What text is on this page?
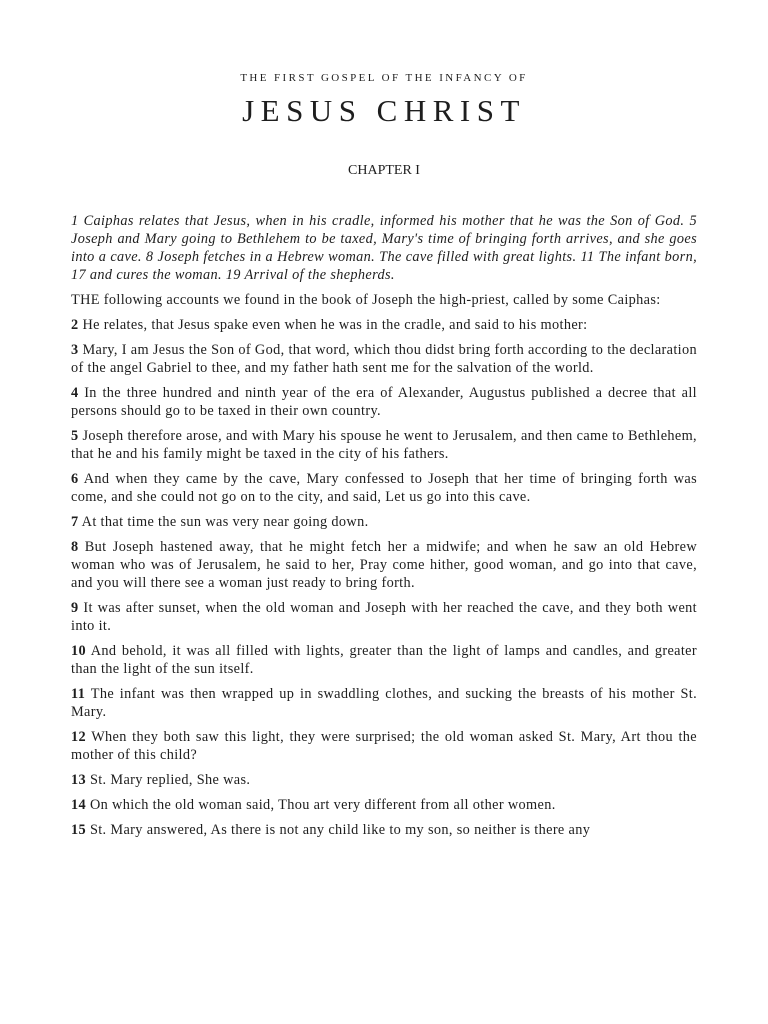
THE FIRST GOSPEL OF THE INFANCY OF
JESUS CHRIST
CHAPTER I

1 Caiphas relates that Jesus, when in his cradle, informed his mother that he was the Son of God. 5 Joseph and Mary going to Bethlehem to be taxed, Mary's time of bringing forth arrives, and she goes into a cave. 8 Joseph fetches in a Hebrew woman. The cave filled with great lights. 11 The infant born, 17 and cures the woman. 19 Arrival of the shepherds.

THE following accounts we found in the book of Joseph the high-priest, called by some Caiphas:

2 He relates, that Jesus spake even when he was in the cradle, and said to his mother:

3 Mary, I am Jesus the Son of God, that word, which thou didst bring forth according to the declaration of the angel Gabriel to thee, and my father hath sent me for the salvation of the world.

4 In the three hundred and ninth year of the era of Alexander, Augustus published a decree that all persons should go to be taxed in their own country.

5 Joseph therefore arose, and with Mary his spouse he went to Jerusalem, and then came to Bethlehem, that he and his family might be taxed in the city of his fathers.

6 And when they came by the cave, Mary confessed to Joseph that her time of bringing forth was come, and she could not go on to the city, and said, Let us go into this cave.

7 At that time the sun was very near going down.

8 But Joseph hastened away, that he might fetch her a midwife; and when he saw an old Hebrew woman who was of Jerusalem, he said to her, Pray come hither, good woman, and go into that cave, and you will there see a woman just ready to bring forth.

9 It was after sunset, when the old woman and Joseph with her reached the cave, and they both went into it.

10 And behold, it was all filled with lights, greater than the light of lamps and candles, and greater than the light of the sun itself.

11 The infant was then wrapped up in swaddling clothes, and sucking the breasts of his mother St. Mary.

12 When they both saw this light, they were surprised; the old woman asked St. Mary, Art thou the mother of this child?

13 St. Mary replied, She was.

14 On which the old woman said, Thou art very different from all other women.

15 St. Mary answered, As there is not any child like to my son, so neither is there any
